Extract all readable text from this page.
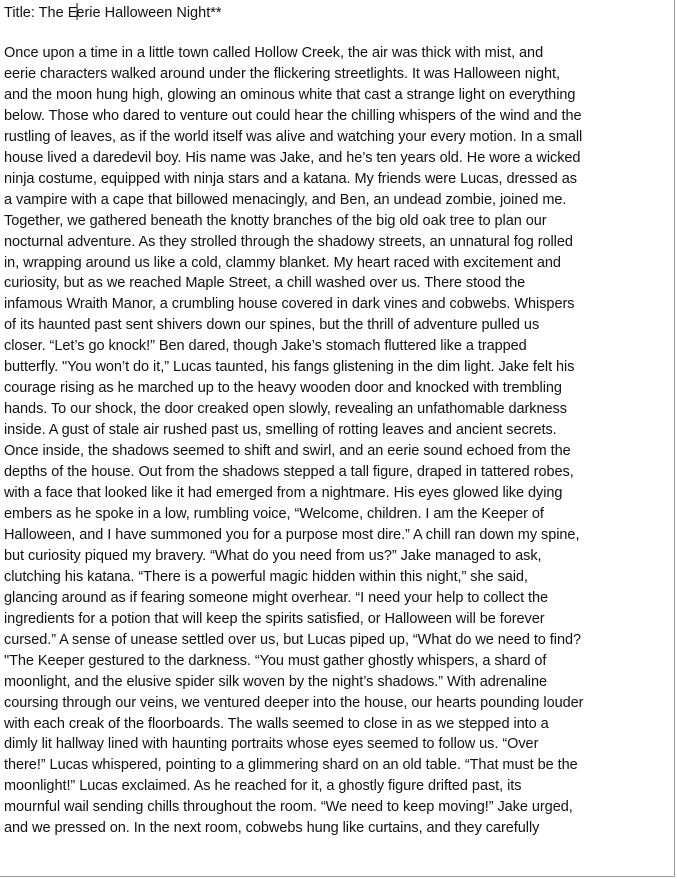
Title: The Eerie Halloween Night**

Once upon a time in a little town called Hollow Creek, the air was thick with mist, and

eerie characters walked around under the flickering streetlights. It was Halloween night,

and the moon hung high, glowing an ominous white that cast a strange light on everything

below. Those who dared to venture out could hear the chilling whispers of the wind and the

rustling of leaves, as if the world itself was alive and watching your every motion. In a small

house lived a daredevil boy. His name was Jake, and he’s ten years old. He wore a wicked

ninja costume, equipped with ninja stars and a katana. My friends were Lucas, dressed as

a vampire with a cape that billowed menacingly, and Ben, an undead zombie, joined me.

Together, we gathered beneath the knotty branches of the big old oak tree to plan our

nocturnal adventure. As they strolled through the shadowy streets, an unnatural fog rolled

in, wrapping around us like a cold, clammy blanket. My heart raced with excitement and

curiosity, but as we reached Maple Street, a chill washed over us. There stood the

infamous Wraith Manor, a crumbling house covered in dark vines and cobwebs. Whispers

of its haunted past sent shivers down our spines, but the thrill of adventure pulled us

closer. “Let’s go knock!” Ben dared, though Jake’s stomach fluttered like a trapped

butterfly. "You won’t do it,” Lucas taunted, his fangs glistening in the dim light. Jake felt his

courage rising as he marched up to the heavy wooden door and knocked with trembling

hands. To our shock, the door creaked open slowly, revealing an unfathomable darkness

inside. A gust of stale air rushed past us, smelling of rotting leaves and ancient secrets.

Once inside, the shadows seemed to shift and swirl, and an eerie sound echoed from the

depths of the house. Out from the shadows stepped a tall figure, draped in tattered robes,

with a face that looked like it had emerged from a nightmare. His eyes glowed like dying

embers as he spoke in a low, rumbling voice, “Welcome, children. I am the Keeper of

Halloween, and I have summoned you for a purpose most dire.” A chill ran down my spine,

but curiosity piqued my bravery. “What do you need from us?” Jake managed to ask,

clutching his katana. “There is a powerful magic hidden within this night,” she said,

glancing around as if fearing someone might overhear. “I need your help to collect the

ingredients for a potion that will keep the spirits satisfied, or Halloween will be forever

cursed.” A sense of unease settled over us, but Lucas piped up, “What do we need to find?

"The Keeper gestured to the darkness. “You must gather ghostly whispers, a shard of

moonlight, and the elusive spider silk woven by the night’s shadows.” With adrenaline

coursing through our veins, we ventured deeper into the house, our hearts pounding louder

with each creak of the floorboards. The walls seemed to close in as we stepped into a

dimly lit hallway lined with haunting portraits whose eyes seemed to follow us. “Over

there!” Lucas whispered, pointing to a glimmering shard on an old table. “That must be the

moonlight!” Lucas exclaimed. As he reached for it, a ghostly figure drifted past, its

mournful wail sending chills throughout the room. “We need to keep moving!” Jake urged,

and we pressed on. In the next room, cobwebs hung like curtains, and they carefully
